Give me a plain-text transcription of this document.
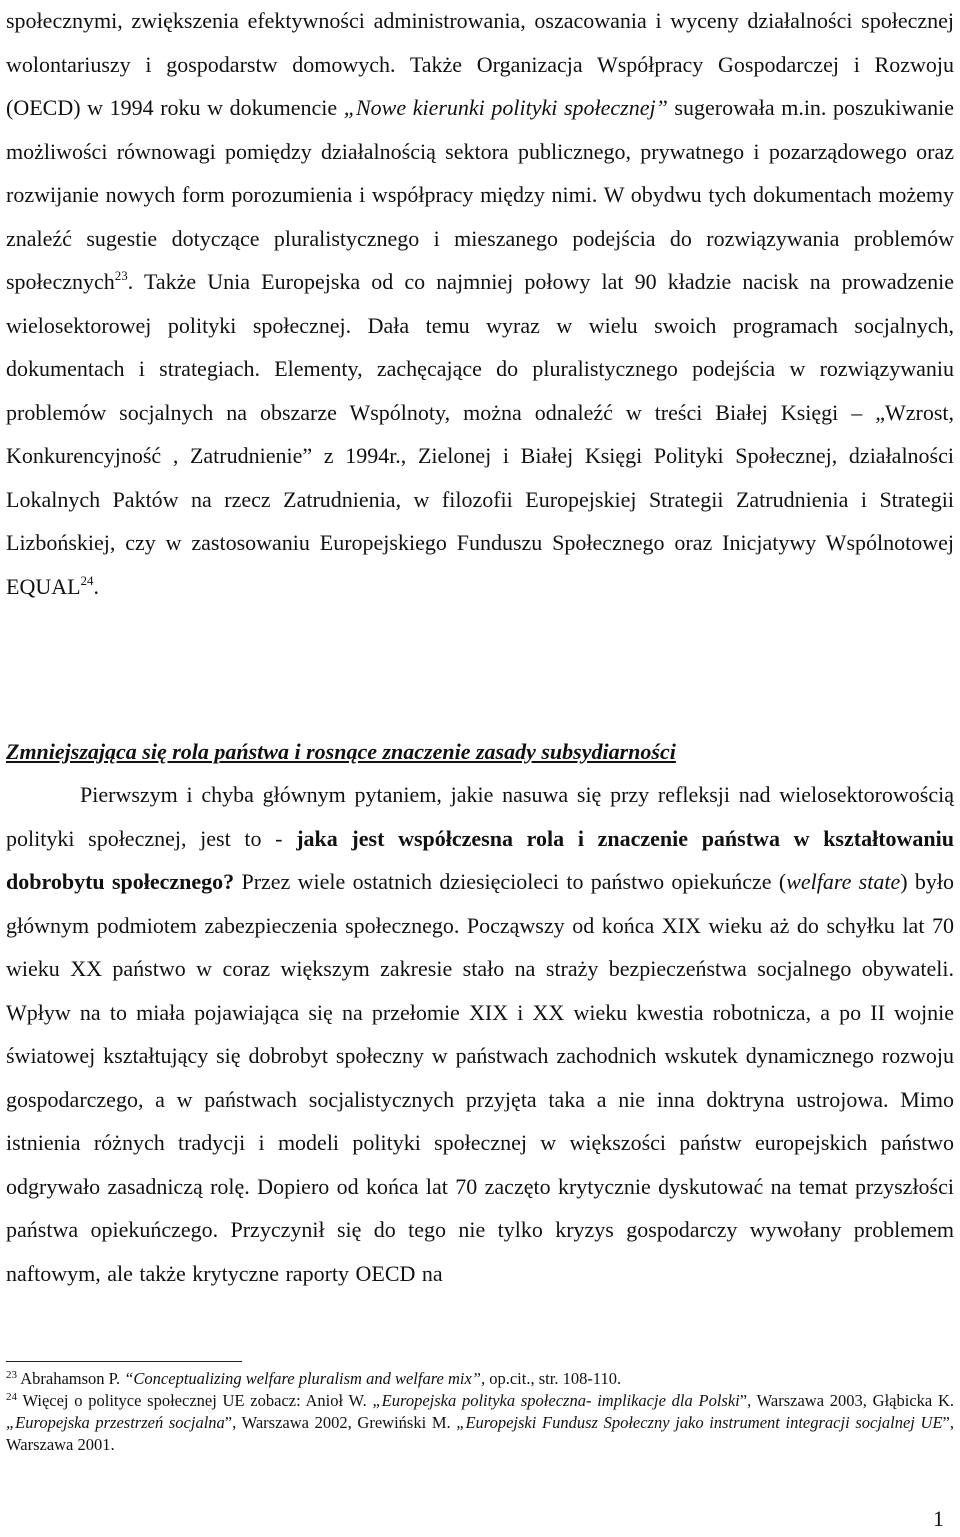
społecznymi, zwiększenia efektywności administrowania, oszacowania i wyceny działalności społecznej wolontariuszy i gospodarstw domowych. Także Organizacja Współpracy Gospodarczej i Rozwoju (OECD) w 1994 roku w dokumencie „Nowe kierunki polityki społecznej” sugerowała m.in. poszukiwanie możliwości równowagi pomiędzy działalnością sektora publicznego, prywatnego i pozarządowego oraz rozwijanie nowych form porozumienia i współpracy między nimi. W obydwu tych dokumentach możemy znaleźć sugestie dotyczące pluralistycznego i mieszanego podejścia do rozwiązywania problemów społecznych$^{23}$. Także Unia Europejska od co najmniej połowy lat 90 kładzie nacisk na prowadzenie wielosektorowej polityki społecznej. Dała temu wyraz w wielu swoich programach socjalnych, dokumentach i strategiach. Elementy, zachęcające do pluralistycznego podejścia w rozwiązywaniu problemów socjalnych na obszarze Wspólnoty, można odnaleźć w treści Białej Księgi – „Wzrost, Konkurencyjność , Zatrudnienie” z 1994r., Zielonej i Białej Księgi Polityki Społecznej, działalności Lokalnych Paktów na rzecz Zatrudnienia, w filozofii Europejskiej Strategii Zatrudnienia i Strategii Lizbońskiej, czy w zastosowaniu Europejskiego Funduszu Społecznego oraz Inicjatywy Wspólnotowej EQUAL$^{24}$.

Zmniejszająca się rola państwa i rosnące znaczenie zasady subsydiarności

Pierwszym i chyba głównym pytaniem, jakie nasuwa się przy refleksji nad wielosektorowością polityki społecznej, jest to - jaka jest współczesna rola i znaczenie państwa w kształtowaniu dobrobytu społecznego? Przez wiele ostatnich dziesięcioleci to państwo opiekuńcze (welfare state) było głównym podmiotem zabezpieczenia społecznego. Począwszy od końca XIX wieku aż do schyłku lat 70 wieku XX państwo w coraz większym zakresie stało na straży bezpieczeństwa socjalnego obywateli. Wpływ na to miała pojawiająca się na przełomie XIX i XX wieku kwestia robotnicza, a po II wojnie światowej kształtujący się dobrobyt społeczny w państwach zachodnich wskutek dynamicznego rozwoju gospodarczego, a w państwach socjalistycznych przyjęta taka a nie inna doktryna ustrojowa. Mimo istnienia różnych tradycji i modeli polityki społecznej w większości państw europejskich państwo odgrywało zasadniczą rolę. Dopiero od końca lat 70 zaczęto krytycznie dyskutować na temat przyszłości państwa opiekuńczego. Przyczynił się do tego nie tylko kryzys gospodarczy wywołany problemem naftowym, ale także krytyczne raporty OECD na

$^{23}$ Abrahamson P. “Conceptualizing welfare pluralism and welfare mix”, op.cit., str. 108-110.

$^{24}$ Więcej o polityce społecznej UE zobacz: Anioł W. „Europejska polityka społeczna- implikacje dla Polski”, Warszawa 2003, Głąbicka K. „Europejska przestrzeń socjalna”, Warszawa 2002, Grewiński M. „Europejski Fundusz Społeczny jako instrument integracji socjalnej UE”, Warszawa 2001.

1
